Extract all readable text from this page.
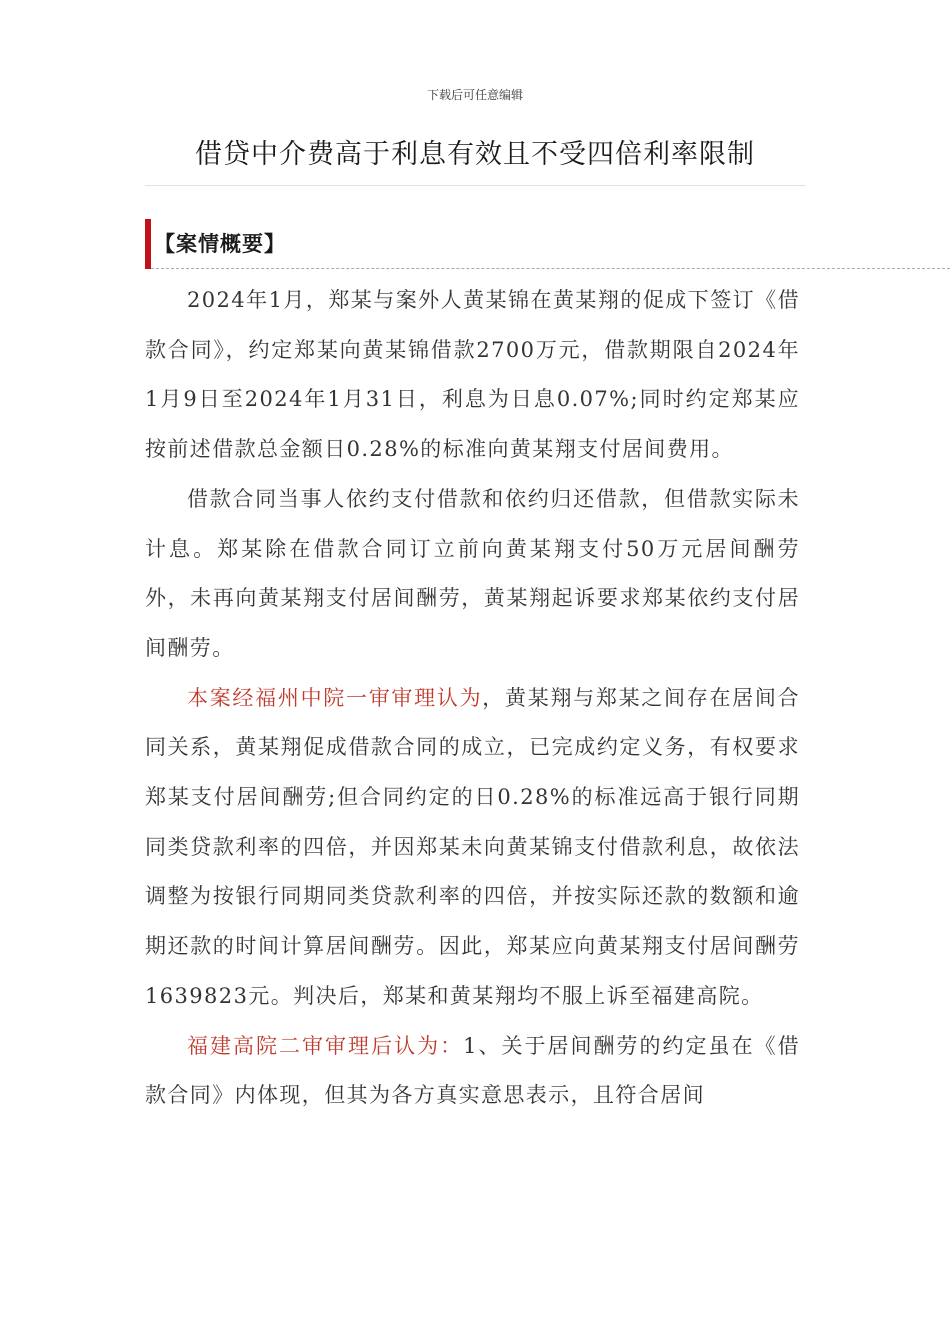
下载后可任意编辑
借贷中介费高于利息有效且不受四倍利率限制
【案情概要】

2024年1月，郑某与案外人黄某锦在黄某翔的促成下签订《借款合同》，约定郑某向黄某锦借款2700万元，借款期限自2024年1月9日至2024年1月31日，利息为日息0.07%;同时约定郑某应按前述借款总金额日0.28%的标准向黄某翔支付居间费用。

借款合同当事人依约支付借款和依约归还借款，但借款实际未计息。郑某除在借款合同订立前向黄某翔支付50万元居间酬劳外，未再向黄某翔支付居间酬劳，黄某翔起诉要求郑某依约支付居间酬劳。

本案经福州中院一审审理认为，黄某翔与郑某之间存在居间合同关系，黄某翔促成借款合同的成立，已完成约定义务，有权要求郑某支付居间酬劳;但合同约定的日0.28%的标准远高于银行同期同类贷款利率的四倍，并因郑某未向黄某锦支付借款利息，故依法调整为按银行同期同类贷款利率的四倍，并按实际还款的数额和逾期还款的时间计算居间酬劳。因此，郑某应向黄某翔支付居间酬劳1639823元。判决后，郑某和黄某翔均不服上诉至福建高院。

福建高院二审审理后认为：1、关于居间酬劳的约定虽在《借款合同》内体现，但其为各方真实意思表示，且符合居间
